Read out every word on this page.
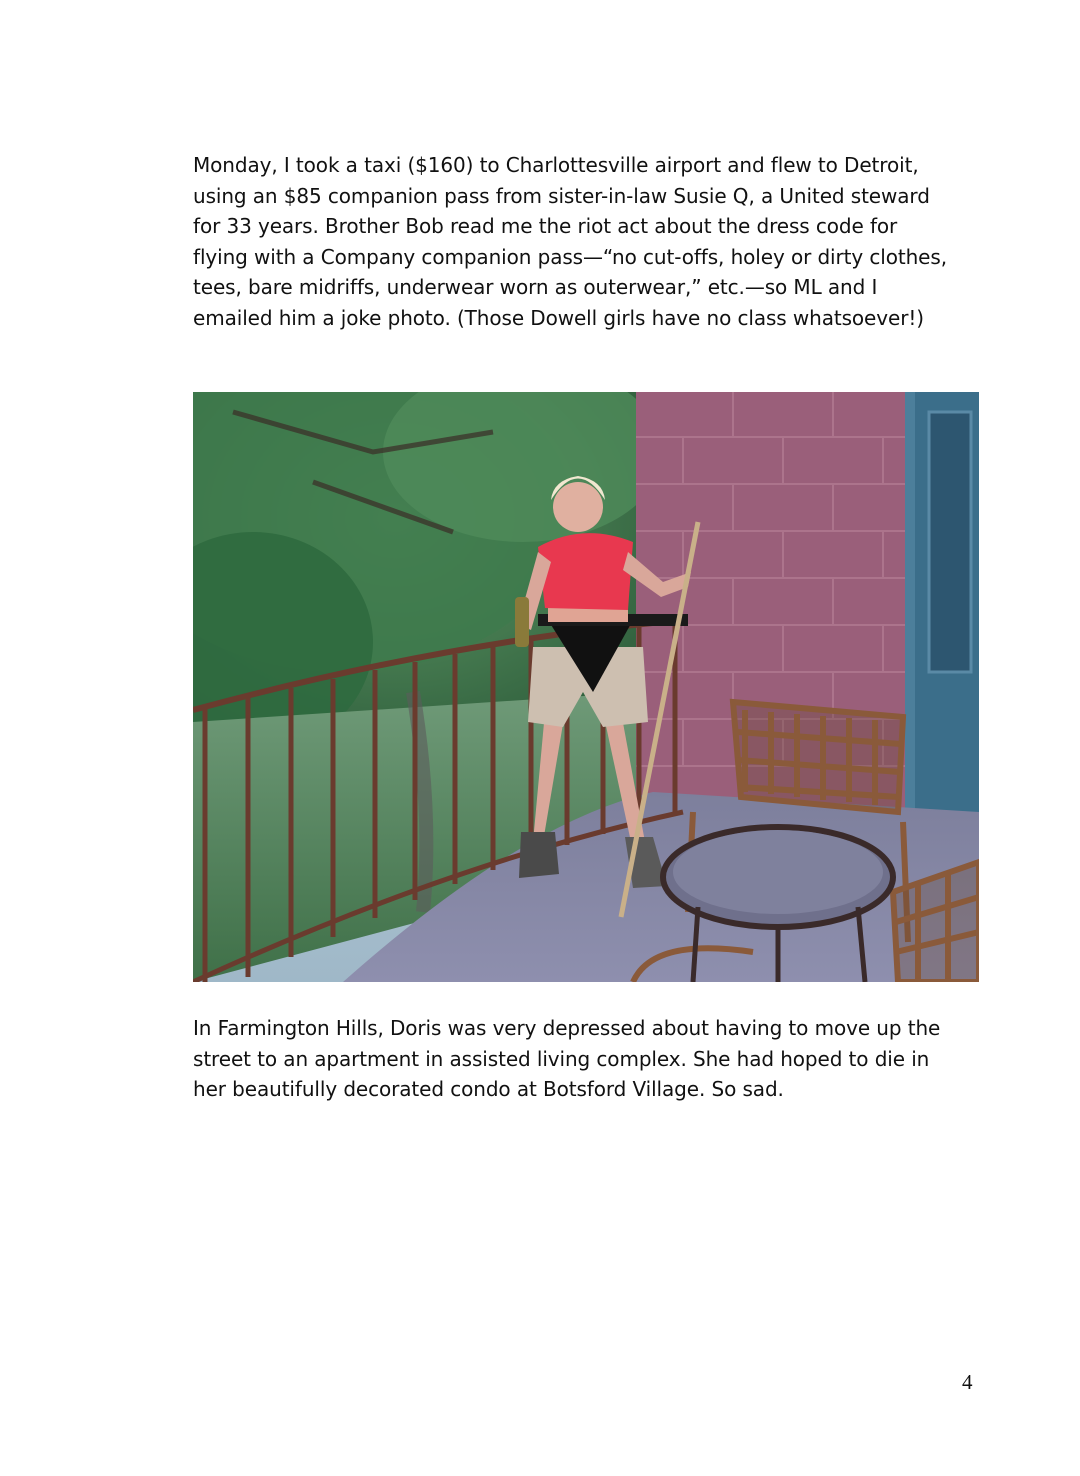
Monday, I took a taxi ($160) to Charlottesville airport and flew to Detroit,
using an $85 companion pass from sister-in-law Susie Q, a United steward
for 33 years. Brother Bob read me the riot act about the dress code for
flying with a Company companion pass—“no cut-offs, holey or dirty clothes,
tees, bare midriffs, underwear worn as outerwear,” etc.—so ML and I
emailed him a joke photo. (Those Dowell girls have no class whatsoever!)

In Farmington Hills, Doris was very depressed about having to move up the
street to an apartment in assisted living complex. She had hoped to die in
her beautifully decorated condo at Botsford Village. So sad.

4
